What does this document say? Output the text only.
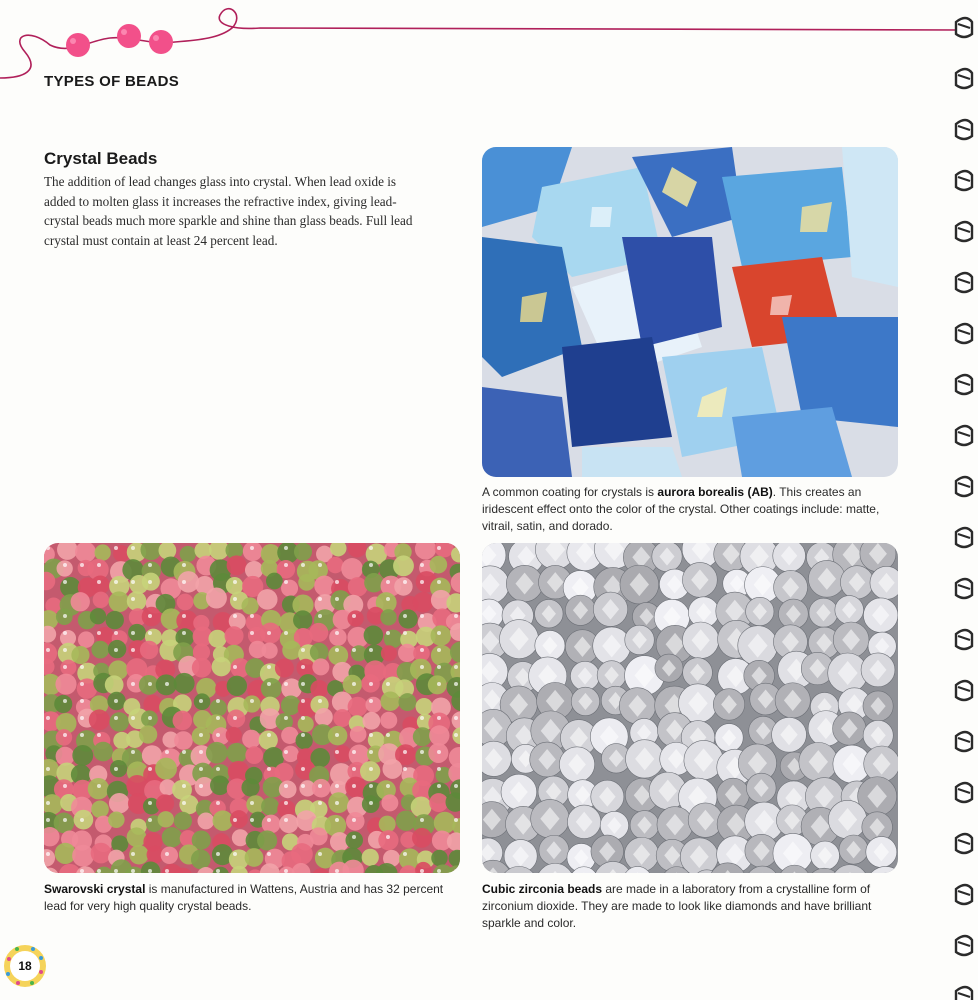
TYPES OF BEADS
Crystal Beads
The addition of lead changes glass into crystal. When lead oxide is added to molten glass it increases the refractive index, giving lead-crystal beads much more sparkle and shine than glass beads. Full lead crystal must contain at least 24 percent lead.
A common coating for crystals is aurora borealis (AB). This creates an iridescent effect onto the color of the crystal. Other coatings include: matte, vitrail, satin, and dorado.
Swarovski crystal is manufactured in Wattens, Austria and has 32 percent lead for very high quality crystal beads.
Cubic zirconia beads are made in a laboratory from a crystalline form of zirconium dioxide. They are made to look like diamonds and have brilliant sparkle and color.
18
